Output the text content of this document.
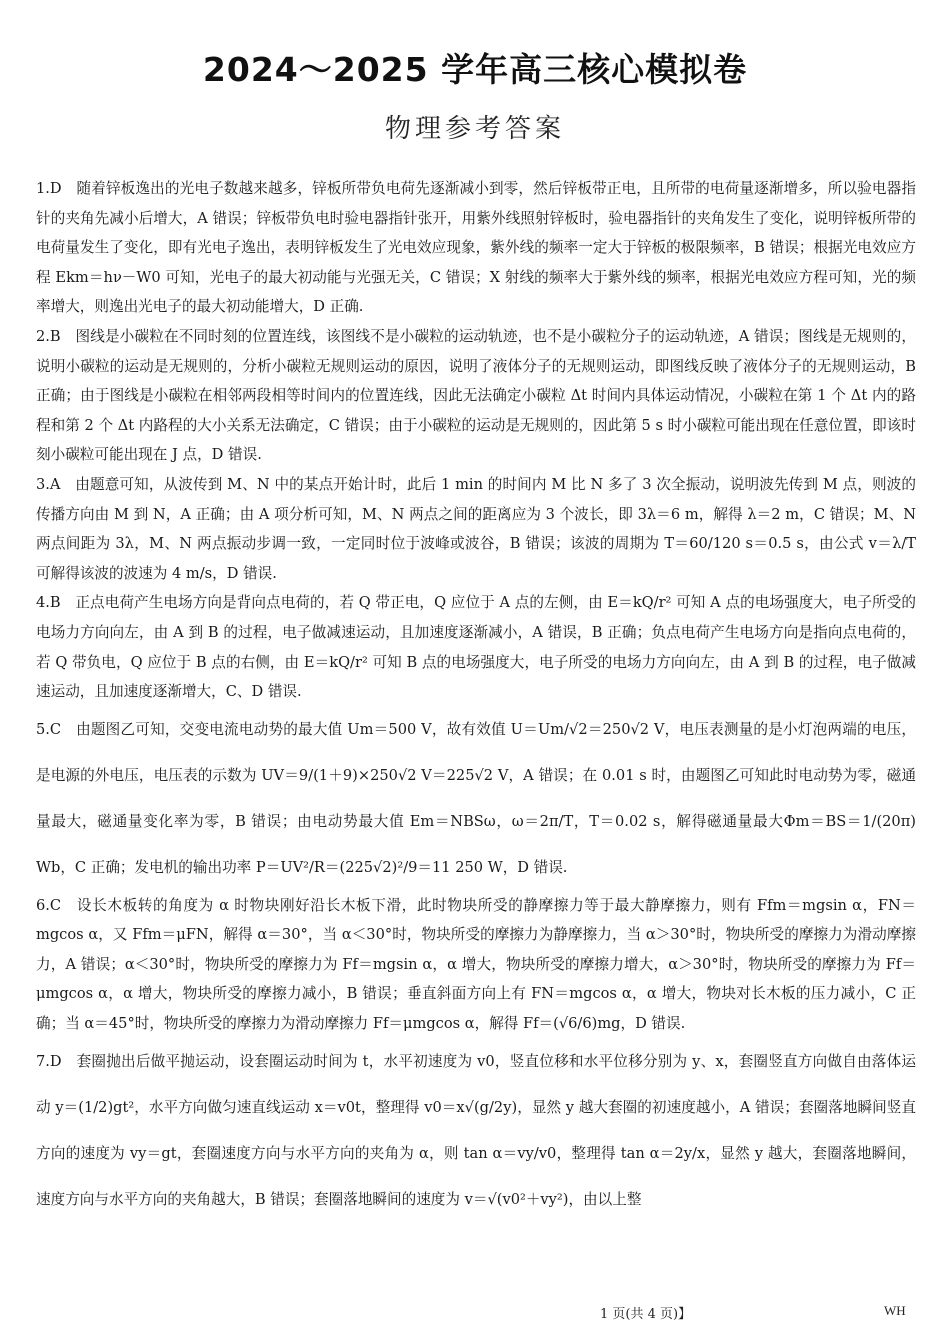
2024～2025 学年高三核心模拟卷
物理参考答案

1.D　随着锌板逸出的光电子数越来越多，锌板所带负电荷先逐渐减小到零，然后锌板带正电，且所带的电荷量逐渐增多，所以验电器指针的夹角先减小后增大，A 错误；锌板带负电时验电器指针张开，用紫外线照射锌板时，验电器指针的夹角发生了变化，说明锌板所带的电荷量发生了变化，即有光电子逸出，表明锌板发生了光电效应现象，紫外线的频率一定大于锌板的极限频率，B 错误；根据光电效应方程 Ekm＝hν－W0 可知，光电子的最大初动能与光强无关，C 错误；X 射线的频率大于紫外线的频率，根据光电效应方程可知，光的频率增大，则逸出光电子的最大初动能增大，D 正确.

2.B　图线是小碳粒在不同时刻的位置连线，该图线不是小碳粒的运动轨迹，也不是小碳粒分子的运动轨迹，A 错误；图线是无规则的，说明小碳粒的运动是无规则的，分析小碳粒无规则运动的原因，说明了液体分子的无规则运动，即图线反映了液体分子的无规则运动，B 正确；由于图线是小碳粒在相邻两段相等时间内的位置连线，因此无法确定小碳粒 Δt 时间内具体运动情况，小碳粒在第 1 个 Δt 内的路程和第 2 个 Δt 内路程的大小关系无法确定，C 错误；由于小碳粒的运动是无规则的，因此第 5 s 时小碳粒可能出现在任意位置，即该时刻小碳粒可能出现在 J 点，D 错误.

3.A　由题意可知，从波传到 M、N 中的某点开始计时，此后 1 min 的时间内 M 比 N 多了 3 次全振动，说明波先传到 M 点，则波的传播方向由 M 到 N，A 正确；由 A 项分析可知，M、N 两点之间的距离应为 3 个波长，即 3λ＝6 m，解得 λ＝2 m，C 错误；M、N 两点间距为 3λ，M、N 两点振动步调一致，一定同时位于波峰或波谷，B 错误；该波的周期为 T＝60/120 s＝0.5 s，由公式 v＝λ/T 可解得该波的波速为 4 m/s，D 错误.

4.B　正点电荷产生电场方向是背向点电荷的，若 Q 带正电，Q 应位于 A 点的左侧，由 E＝kQ/r² 可知 A 点的电场强度大，电子所受的电场力方向向左，由 A 到 B 的过程，电子做减速运动，且加速度逐渐减小，A 错误，B 正确；负点电荷产生电场方向是指向点电荷的，若 Q 带负电，Q 应位于 B 点的右侧，由 E＝kQ/r² 可知 B 点的电场强度大，电子所受的电场力方向向左，由 A 到 B 的过程，电子做减速运动，且加速度逐渐增大，C、D 错误.

5.C　由题图乙可知，交变电流电动势的最大值 Um＝500 V，故有效值 U＝Um/√2＝250√2 V，电压表测量的是小灯泡两端的电压，是电源的外电压，电压表的示数为 UV＝9/(1＋9)×250√2 V＝225√2 V，A 错误；在 0.01 s 时，由题图乙可知此时电动势为零，磁通量最大，磁通量变化率为零，B 错误；由电动势最大值 Em＝NBSω，ω＝2π/T，T＝0.02 s，解得磁通量最大Φm＝BS＝1/(20π) Wb，C 正确；发电机的输出功率 P＝UV²/R＝(225√2)²/9＝11 250 W，D 错误.

6.C　设长木板转的角度为 α 时物块刚好沿长木板下滑，此时物块所受的静摩擦力等于最大静摩擦力，则有 Ffm＝mgsin α，FN＝mgcos α，又 Ffm＝μFN，解得 α＝30°，当 α＜30°时，物块所受的摩擦力为静摩擦力，当 α＞30°时，物块所受的摩擦力为滑动摩擦力，A 错误；α＜30°时，物块所受的摩擦力为 Ff＝mgsin α，α 增大，物块所受的摩擦力增大，α＞30°时，物块所受的摩擦力为 Ff＝μmgcos α，α 增大，物块所受的摩擦力减小，B 错误；垂直斜面方向上有 FN＝mgcos α，α 增大，物块对长木板的压力减小，C 正确；当 α＝45°时，物块所受的摩擦力为滑动摩擦力 Ff＝μmgcos α，解得 Ff＝(√6/6)mg，D 错误.

7.D　套圈抛出后做平抛运动，设套圈运动时间为 t，水平初速度为 v0，竖直位移和水平位移分别为 y、x，套圈竖直方向做自由落体运动 y＝(1/2)gt²，水平方向做匀速直线运动 x＝v0t，整理得 v0＝x√(g/2y)，显然 y 越大套圈的初速度越小，A 错误；套圈落地瞬间竖直方向的速度为 vy＝gt，套圈速度方向与水平方向的夹角为 α，则 tan α＝vy/v0，整理得 tan α＝2y/x，显然 y 越大，套圈落地瞬间，速度方向与水平方向的夹角越大，B 错误；套圈落地瞬间的速度为 v＝√(v0²＋vy²)，由以上整

1 页(共 4 页)】	WH
